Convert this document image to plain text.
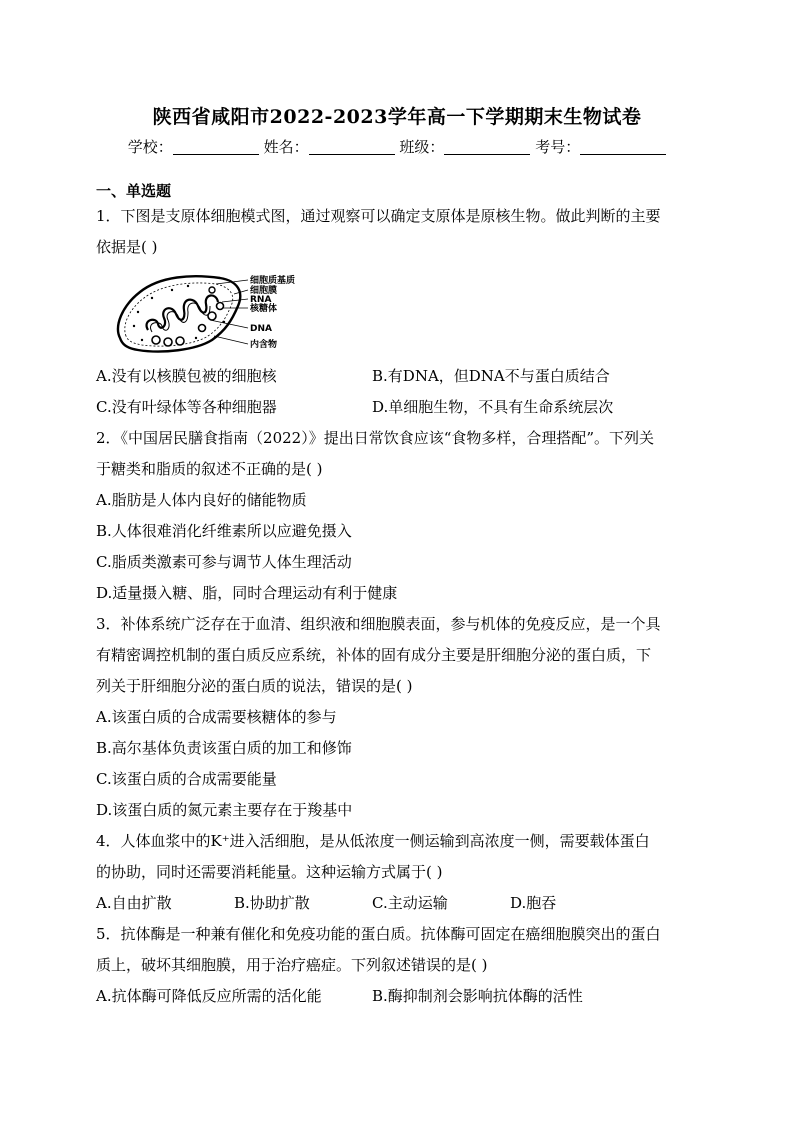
陕西省咸阳市2022-2023学年高一下学期期末生物试卷
学校：	姓名：	班级：	考号：
一、单选题
1．下图是支原体细胞模式图，通过观察可以确定支原体是原核生物。做此判断的主要
依据是( )
细胞质基质
细胞膜
RNA
核糖体
DNA
内含物
A.没有以核膜包被的细胞核	B.有DNA，但DNA不与蛋白质结合
C.没有叶绿体等各种细胞器	D.单细胞生物，不具有生命系统层次
2．《中国居民膳食指南（2022）》提出日常饮食应该“食物多样，合理搭配”。下列关
于糖类和脂质的叙述不正确的是( )
A.脂肪是人体内良好的储能物质
B.人体很难消化纤维素所以应避免摄入
C.脂质类激素可参与调节人体生理活动
D.适量摄入糖、脂，同时合理运动有利于健康
3．补体系统广泛存在于血清、组织液和细胞膜表面，参与机体的免疫反应，是一个具
有精密调控机制的蛋白质反应系统，补体的固有成分主要是肝细胞分泌的蛋白质，下
列关于肝细胞分泌的蛋白质的说法，错误的是( )
A.该蛋白质的合成需要核糖体的参与
B.高尔基体负责该蛋白质的加工和修饰
C.该蛋白质的合成需要能量
D.该蛋白质的氮元素主要存在于羧基中
4．人体血浆中的K⁺进入活细胞，是从低浓度一侧运输到高浓度一侧，需要载体蛋白
的协助，同时还需要消耗能量。这种运输方式属于( )
A.自由扩散	B.协助扩散	C.主动运输	D.胞吞
5．抗体酶是一种兼有催化和免疫功能的蛋白质。抗体酶可固定在癌细胞膜突出的蛋白
质上，破坏其细胞膜，用于治疗癌症。下列叙述错误的是( )
A.抗体酶可降低反应所需的活化能	B.酶抑制剂会影响抗体酶的活性
